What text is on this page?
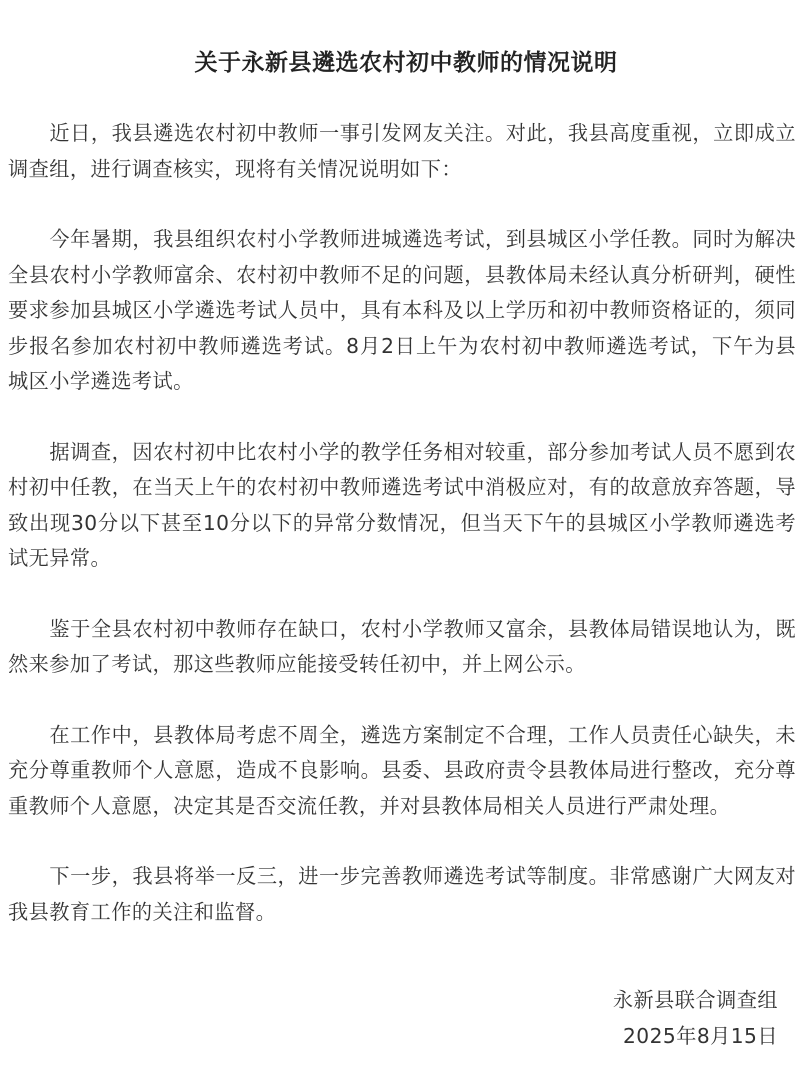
关于永新县遴选农村初中教师的情况说明

近日，我县遴选农村初中教师一事引发网友关注。对此，我县高度重视，立即成立调查组，进行调查核实，现将有关情况说明如下：

今年暑期，我县组织农村小学教师进城遴选考试，到县城区小学任教。同时为解决全县农村小学教师富余、农村初中教师不足的问题，县教体局未经认真分析研判，硬性要求参加县城区小学遴选考试人员中，具有本科及以上学历和初中教师资格证的，须同步报名参加农村初中教师遴选考试。8月2日上午为农村初中教师遴选考试，下午为县城区小学遴选考试。

据调查，因农村初中比农村小学的教学任务相对较重，部分参加考试人员不愿到农村初中任教，在当天上午的农村初中教师遴选考试中消极应对，有的故意放弃答题，导致出现30分以下甚至10分以下的异常分数情况，但当天下午的县城区小学教师遴选考试无异常。

鉴于全县农村初中教师存在缺口，农村小学教师又富余，县教体局错误地认为，既然来参加了考试，那这些教师应能接受转任初中，并上网公示。

在工作中，县教体局考虑不周全，遴选方案制定不合理，工作人员责任心缺失，未充分尊重教师个人意愿，造成不良影响。县委、县政府责令县教体局进行整改，充分尊重教师个人意愿，决定其是否交流任教，并对县教体局相关人员进行严肃处理。

下一步，我县将举一反三，进一步完善教师遴选考试等制度。非常感谢广大网友对我县教育工作的关注和监督。

永新县联合调查组
2025年8月15日
